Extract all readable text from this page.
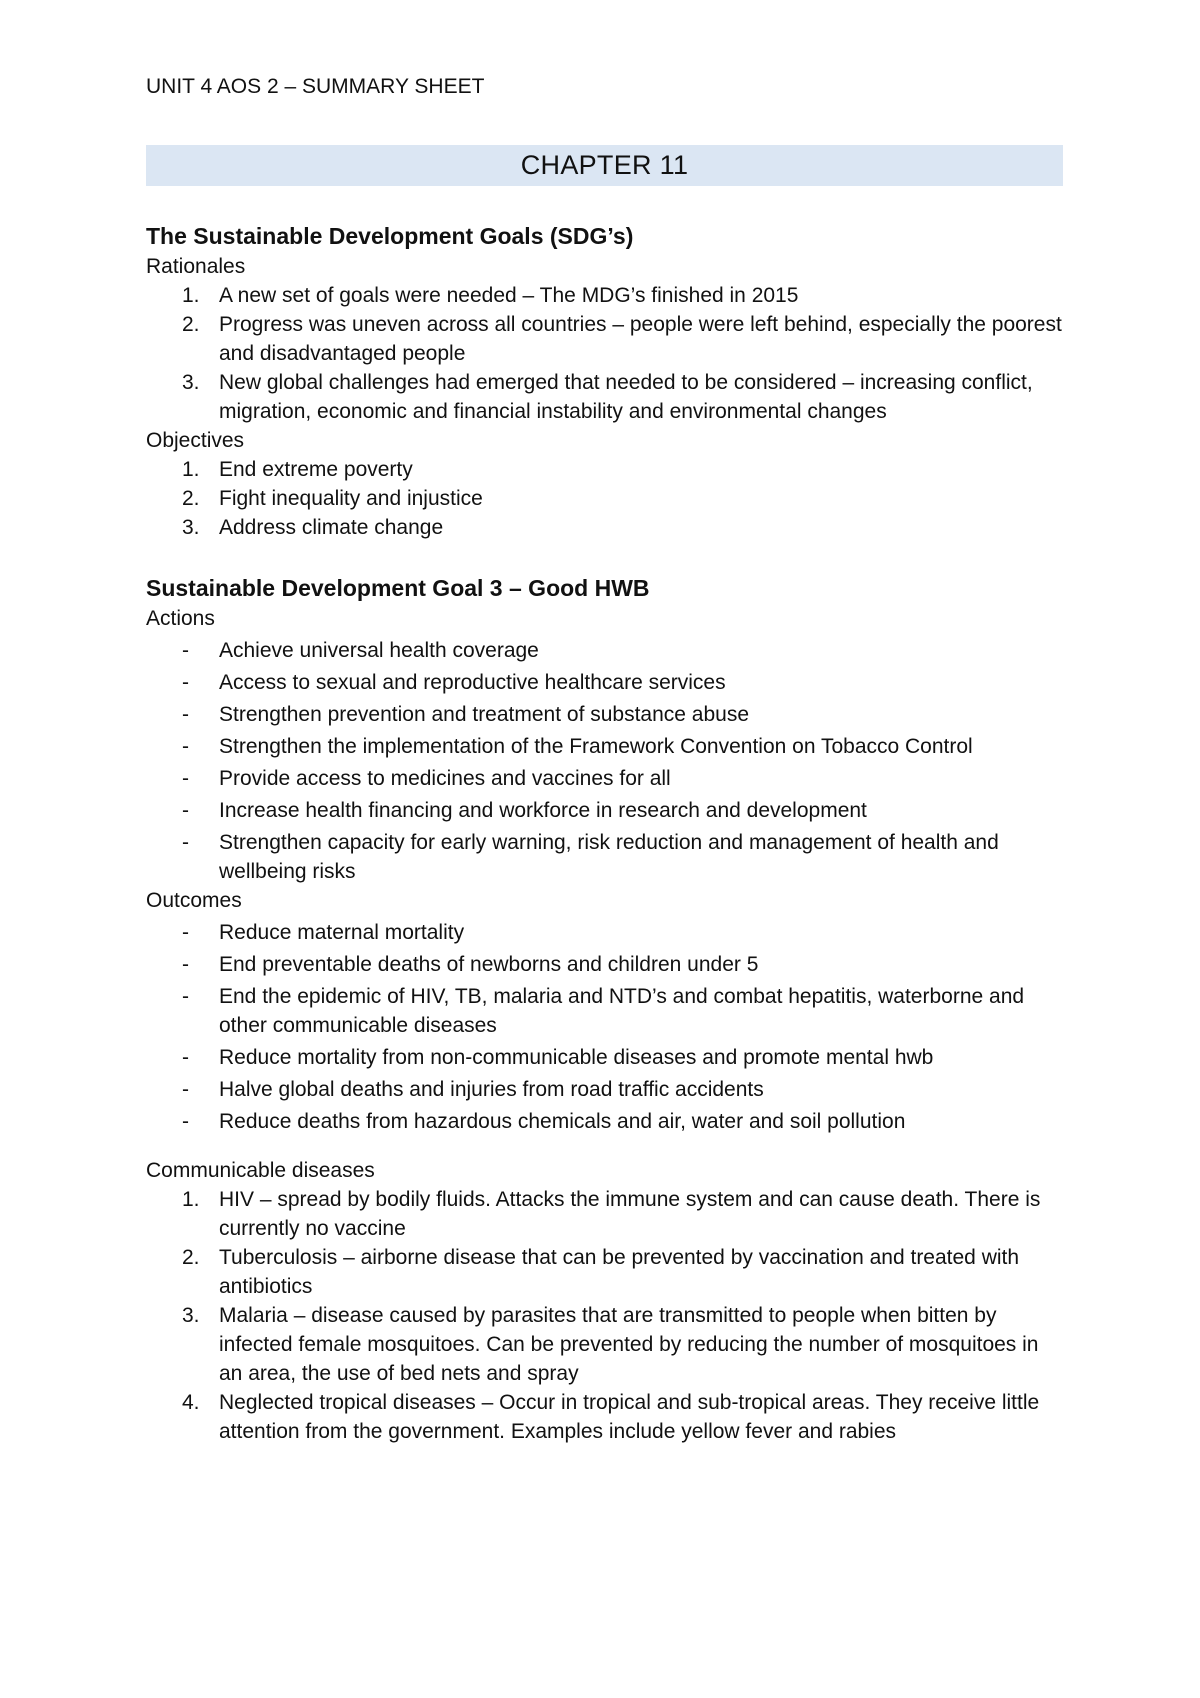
UNIT 4 AOS 2 – SUMMARY SHEET

CHAPTER 11
The Sustainable Development Goals (SDG’s)

Rationales

1. A new set of goals were needed – The MDG’s finished in 2015
2. Progress was uneven across all countries – people were left behind, especially the poorest and disadvantaged people
3. New global challenges had emerged that needed to be considered – increasing conflict, migration, economic and financial instability and environmental changes

Objectives

1. End extreme poverty
2. Fight inequality and injustice
3. Address climate change
Sustainable Development Goal 3 – Good HWB

Actions

- Achieve universal health coverage
- Access to sexual and reproductive healthcare services
- Strengthen prevention and treatment of substance abuse
- Strengthen the implementation of the Framework Convention on Tobacco Control
- Provide access to medicines and vaccines for all
- Increase health financing and workforce in research and development
- Strengthen capacity for early warning, risk reduction and management of health and wellbeing risks

Outcomes

- Reduce maternal mortality
- End preventable deaths of newborns and children under 5
- End the epidemic of HIV, TB, malaria and NTD’s and combat hepatitis, waterborne and other communicable diseases
- Reduce mortality from non-communicable diseases and promote mental hwb
- Halve global deaths and injuries from road traffic accidents
- Reduce deaths from hazardous chemicals and air, water and soil pollution

Communicable diseases

1. HIV – spread by bodily fluids. Attacks the immune system and can cause death. There is currently no vaccine
2. Tuberculosis – airborne disease that can be prevented by vaccination and treated with antibiotics
3. Malaria – disease caused by parasites that are transmitted to people when bitten by infected female mosquitoes. Can be prevented by reducing the number of mosquitoes in an area, the use of bed nets and spray
4. Neglected tropical diseases – Occur in tropical and sub-tropical areas. They receive little attention from the government. Examples include yellow fever and rabies
